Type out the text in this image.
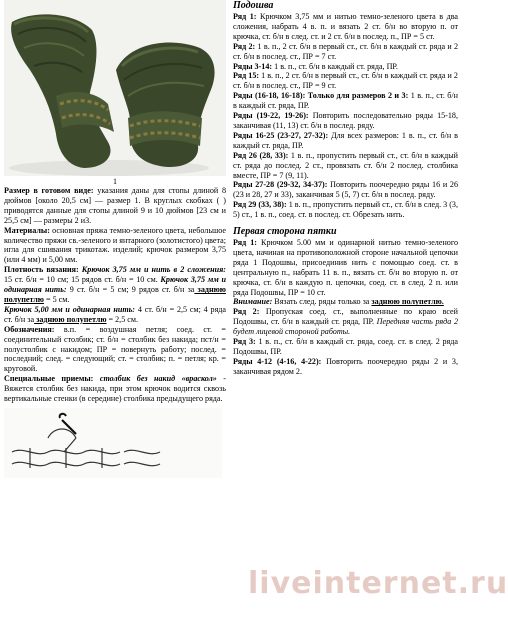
1

Размер в готовом виде: указания даны для стопы длиной 8 дюймов [около 20,5 см] — размер 1. В круглых скобках ( ) приводятся данные для стопы длиной 9 и 10 дюймов [23 см и 25,5 см] — размеры 2 и3.

Материалы: основная пряжа темно-зеленого цвета, небольшое количество пряжи св.-зеленого и янтарного (золотистого) цвета; игла для сшивания трикотаж. изделий; крючок размером 3,75 (или 4 мм) и 5,00 мм.

Плотность вязания: Крючок 3,75 мм и нить в 2 сложения: 15 ст. б/н = 10 см; 15 рядов ст. б/н = 10 см. Крючок 3,75 мм и одинарная нить: 9 ст. б/н = 5 см; 9 рядов ст. б/н за заднюю полупетлю = 5 см.

Крючок 5,00 мм и одинарная нить: 4 ст. б/н = 2,5 см; 4 ряда ст. б/н за заднюю полупетлю = 2,5 см.

Обозначения: в.п. = воздушная петля; соед. ст. = соединительный столбик; ст. б/н = столбик без накида; пст/н = полустолбик с накидом; ПР = повернуть работу; послед. = последний; след. = следующий; ст. = столбик; п. = петля; кр. = круговой.

Специальные приемы: столбик без накид «враскол» - Вяжется столбик без накида, при этом крючок водится сквозь вертикальные стенки (в середине) столбика предыдущего ряда.

Подошва

Ряд 1: Крючком 3,75 мм и нитью темно-зеленого цвета в два сложения, набрать 4 в. п. и вязать 2 ст. б/н во вторую п. от крючка, ст. б/н в след. ст. и 2 ст. б/н в послед. п., ПР = 5 ст.

Ряд 2: 1 в. п., 2 ст. б/н в первый ст., ст. б/н в каждый ст. ряда и 2 ст. б/н в послед. ст., ПР = 7 ст.

Ряды 3-14: 1 в. п., ст. б/н в каждый ст. ряда, ПР.

Ряд 15: 1 в. п., 2 ст. б/н в первый ст., ст. б/н в каждый ст. ряда и 2 ст. б/н в послед. ст., ПР = 9 ст.

Ряды (16-18, 16-18): Только для размеров 2 и 3: 1 в. п., ст. б/н в каждый ст. ряда, ПР.

Ряды (19-22, 19-26): Повторить последовательно ряды 15-18, заканчивая (11, 13) ст. б/н в послед. ряду.

Ряды 16-25 (23-27, 27-32): Для всех размеров: 1 в. п., ст. б/н в каждый ст. ряда, ПР.

Ряд 26 (28, 33): 1 в. п., пропустить первый ст., ст. б/н в каждый ст. ряда до послед. 2 ст., провязать ст. б/н 2 послед. столбика вместе, ПР = 7 (9, 11).

Ряды 27-28 (29-32, 34-37): Повторить поочередно ряды 16 и 26 (23 и 28, 27 и 33), заканчивая 5 (5, 7) ст. б/н в послед. ряду.

Ряд 29 (33, 38): 1 в. п., пропустить первый ст., ст. б/н в след. 3 (3, 5) ст., 1 в. п., соед. ст. в послед. ст. Обрезать нить.

Первая сторона пятки

Ряд 1: Крючком 5.00 мм и одинарной нитью темно-зеленого цвета, начиная на противоположной стороне начальной цепочки ряда 1 Подошвы, присоединив нить с помощью соед. ст. в центральную п., набрать 11 в. п., вязать ст. б/н во вторую п. от крючка, ст. б/н в каждую п. цепочки, соед. ст. в след. 2 п. или ряда Подошвы, ПР = 10 ст.

Внимание: Вязать след. ряды только за заднюю полупетлю.

Ряд 2: Пропуская соед. ст., выполненные по краю всей Подошвы, ст. б/н в каждый ст. ряда, ПР. Передняя часть ряда 2 будет лицевой стороной работы.

Ряд 3: 1 в. п., ст. б/н в каждый ст. ряда, соед. ст. в след. 2 ряда Подошвы, ПР.

Ряды 4-12 (4-16, 4-22): Повторить поочередно ряды 2 и 3, заканчивая рядом 2.

liveinternet.ru
